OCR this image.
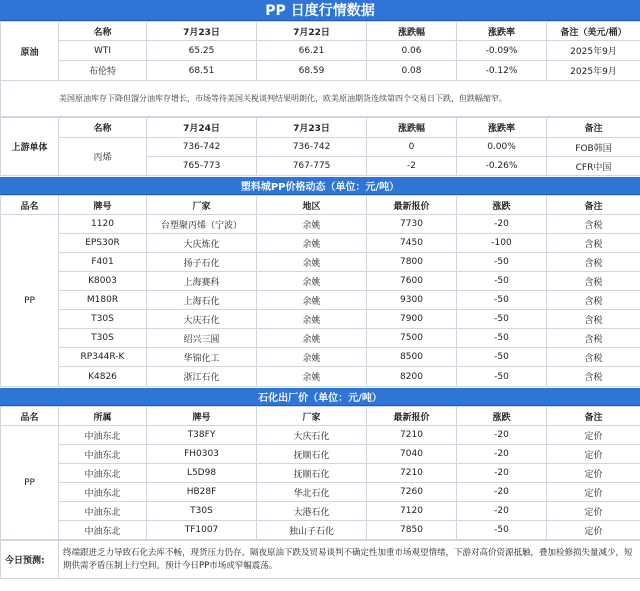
PP 日度行情数据
原油	名称	7月23日	7月22日	涨跌幅	涨跌率	备注（美元/桶）
	WTI	65.25	66.21	0.06	-0.09%	2025年9月
	布伦特	68.51	68.59	0.08	-0.12%	2025年9月
美国原油库存下降但馏分油库存增长，市场等待美国关税谈判结果明朗化，欧美原油期货连续第四个交易日下跌，但跌幅缩窄。						
上游单体	名称	7月24日	7月23日	涨跌幅	涨跌率	备注
	丙烯	736-742	736-742	0	0.00%	FOB韩国
		765-773	767-775	-2	-0.26%	CFR中国
塑料城PP价格动态（单位：元/吨）
品名	牌号	厂家	地区	最新报价	涨跌	备注
PP	1120	台塑聚丙烯（宁波）	余姚	7730	-20	含税
	EPS30R	大庆炼化	余姚	7450	-100	含税
	F401	扬子石化	余姚	7800	-50	含税
	K8003	上海赛科	余姚	7600	-50	含税
	M180R	上海石化	余姚	9300	-50	含税
	T30S	大庆石化	余姚	7900	-50	含税
	T30S	绍兴三圆	余姚	7500	-50	含税
	RP344R-K	华锦化工	余姚	8500	-50	含税
	K4826	浙江石化	余姚	8200	-50	含税
石化出厂价（单位：元/吨）
品名	所属	牌号	厂家	最新报价	涨跌	备注
PP	中油东北	T38FY	大庆石化	7210	-20	定价
	中油东北	FH0303	抚顺石化	7040	-20	定价
	中油东北	L5D98	抚顺石化	7210	-20	定价
	中油东北	HB28F	华北石化	7260	-20	定价
	中油东北	T30S	大港石化	7120	-20	定价
	中油东北	TF1007	独山子石化	7850	-50	定价
今日预测:	终端跟进乏力导致石化去库不畅，现货压力仍存。隔夜原油下跌及贸易谈判不确定性加重市场观望情绪，下游对高价资源抵触，叠加检修损失量减少，短期供需矛盾压制上行空间。预计今日PP市场或窄幅震荡。
